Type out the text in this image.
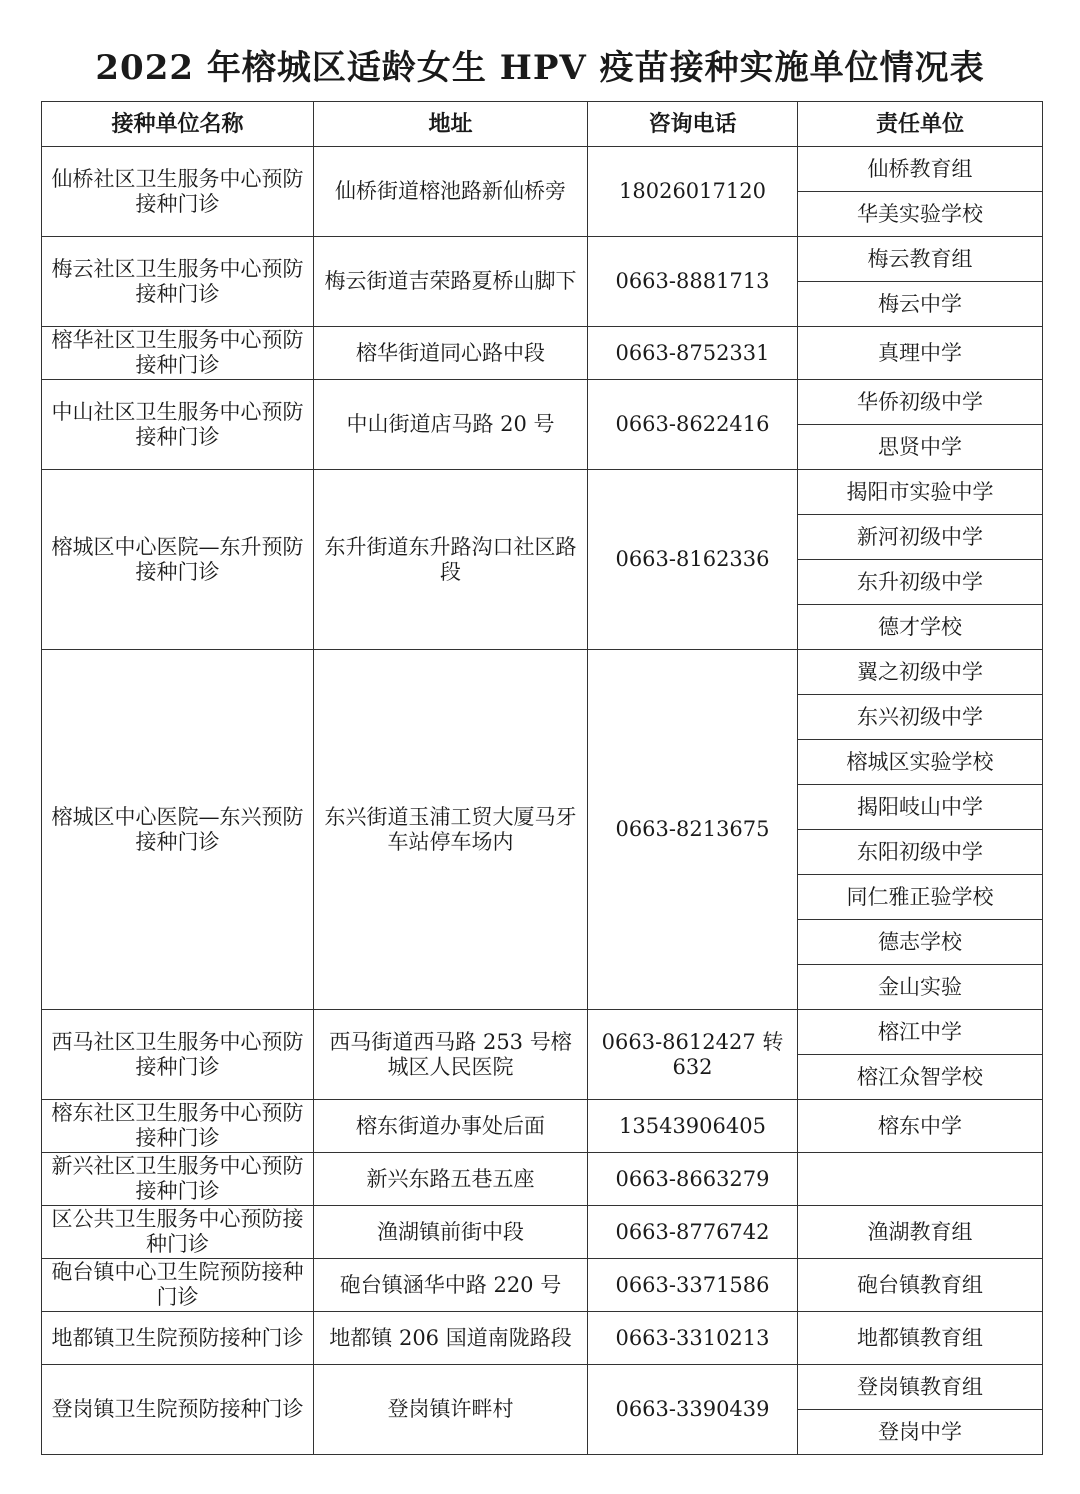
2022 年榕城区适龄女生 HPV 疫苗接种实施单位情况表
接种单位名称	地址	咨询电话	责任单位
仙桥社区卫生服务中心预防接种门诊	仙桥街道榕池路新仙桥旁	18026017120	仙桥教育组
			华美实验学校
梅云社区卫生服务中心预防接种门诊	梅云街道吉荣路夏桥山脚下	0663-8881713	梅云教育组
			梅云中学
榕华社区卫生服务中心预防接种门诊	榕华街道同心路中段	0663-8752331	真理中学
中山社区卫生服务中心预防接种门诊	中山街道店马路 20 号	0663-8622416	华侨初级中学
			思贤中学
榕城区中心医院—东升预防接种门诊	东升街道东升路沟口社区路段	0663-8162336	揭阳市实验中学
			新河初级中学
			东升初级中学
			德才学校
榕城区中心医院—东兴预防接种门诊	东兴街道玉浦工贸大厦马牙车站停车场内	0663-8213675	翼之初级中学
			东兴初级中学
			榕城区实验学校
			揭阳岐山中学
			东阳初级中学
			同仁雅正验学校
			德志学校
			金山实验
西马社区卫生服务中心预防接种门诊	西马街道西马路 253 号榕城区人民医院	0663-8612427 转 632	榕江中学
			榕江众智学校
榕东社区卫生服务中心预防接种门诊	榕东街道办事处后面	13543906405	榕东中学
新兴社区卫生服务中心预防接种门诊	新兴东路五巷五座	0663-8663279	
区公共卫生服务中心预防接种门诊	渔湖镇前街中段	0663-8776742	渔湖教育组
砲台镇中心卫生院预防接种门诊	砲台镇涵华中路 220 号	0663-3371586	砲台镇教育组
地都镇卫生院预防接种门诊	地都镇 206 国道南陇路段	0663-3310213	地都镇教育组
登岗镇卫生院预防接种门诊	登岗镇许畔村	0663-3390439	登岗镇教育组
			登岗中学
